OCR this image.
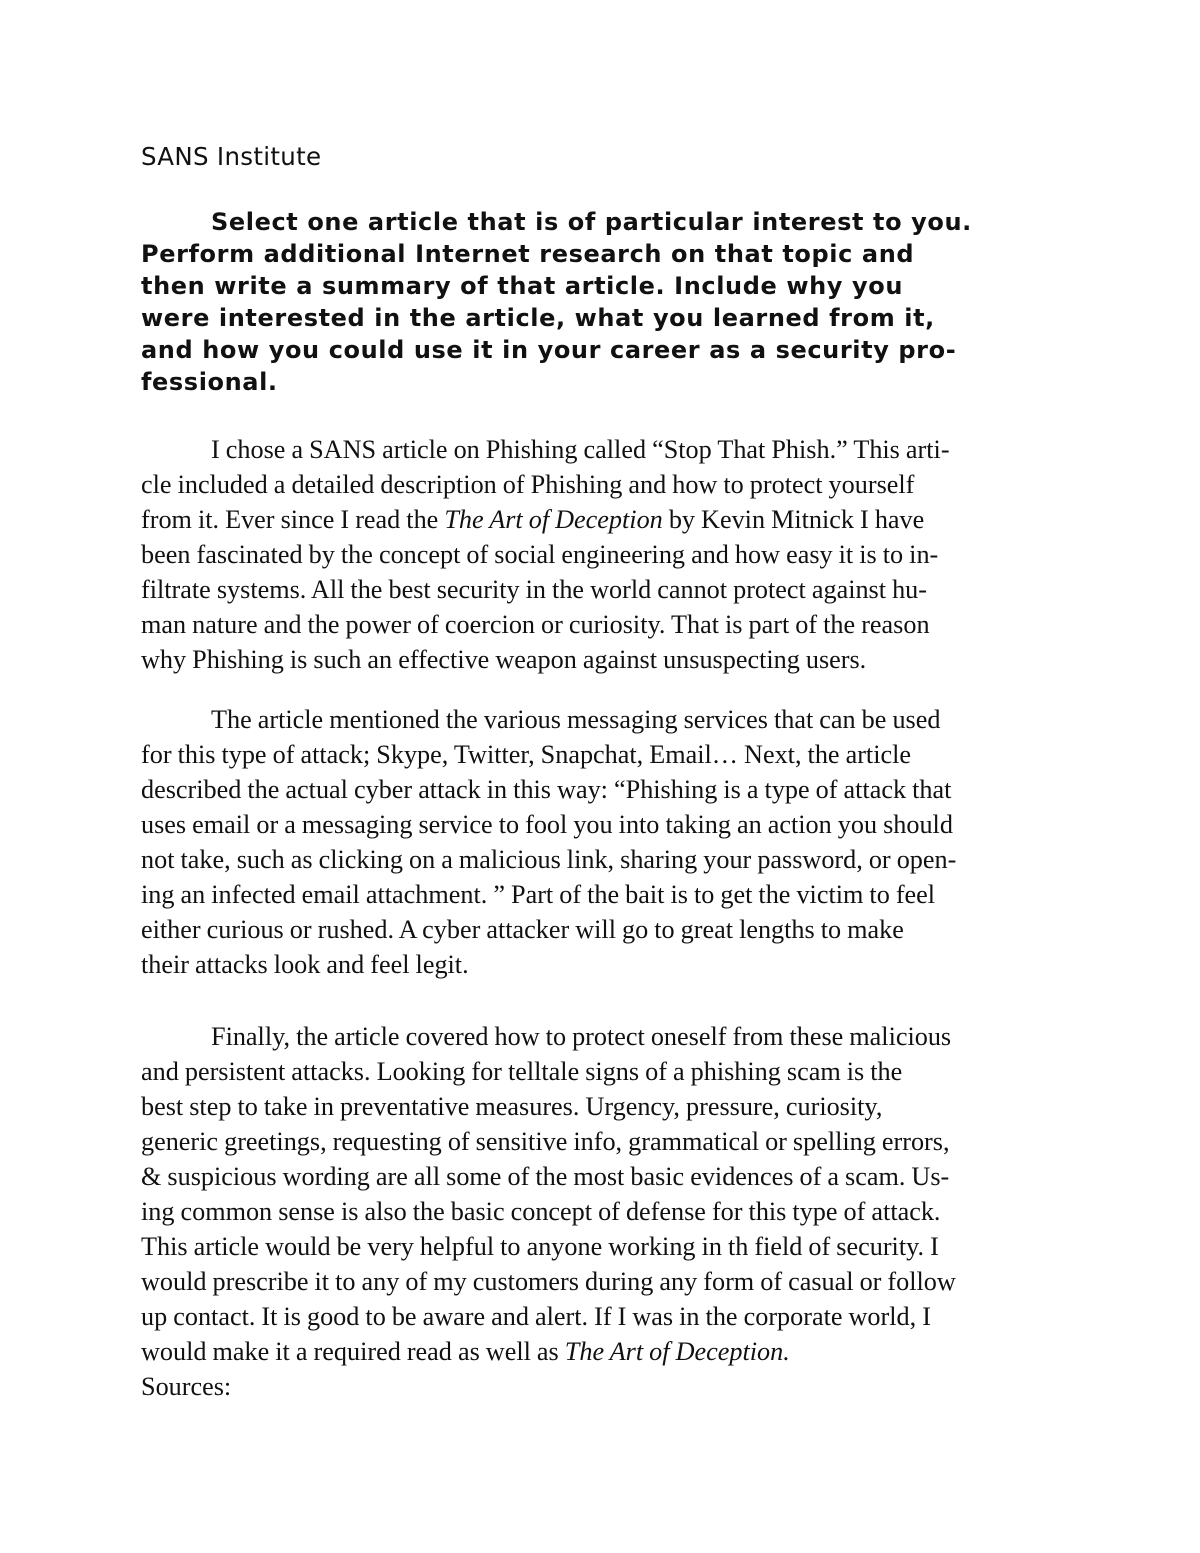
SANS Institute

Select one article that is of particular interest to you.

Perform additional Internet research on that topic and

then write a summary of that article. Include why you

were interested in the article, what you learned from it,

and how you could use it in your career as a security pro-

fessional.

I chose a SANS article on Phishing called “Stop That Phish.” This arti-

cle included a detailed description of Phishing and how to protect yourself

from it. Ever since I read the The Art of Deception by Kevin Mitnick I have

been fascinated by the concept of social engineering and how easy it is to in-

filtrate systems. All the best security in the world cannot protect against hu-

man nature and the power of coercion or curiosity. That is part of the reason

why Phishing is such an effective weapon against unsuspecting users.

The article mentioned the various messaging services that can be used

for this type of attack; Skype, Twitter, Snapchat, Email… Next, the article

described the actual cyber attack in this way: “Phishing is a type of attack that

uses email or a messaging service to fool you into taking an action you should

not take, such as clicking on a malicious link, sharing your password, or open-

ing an infected email attachment. ” Part of the bait is to get the victim to feel

either curious or rushed. A cyber attacker will go to great lengths to make

their attacks look and feel legit.

Finally, the article covered how to protect oneself from these malicious

and persistent attacks. Looking for telltale signs of a phishing scam is the

best step to take in preventative measures. Urgency, pressure, curiosity,

generic greetings, requesting of sensitive info, grammatical or spelling errors,

& suspicious wording are all some of the most basic evidences of a scam. Us-

ing common sense is also the basic concept of defense for this type of attack.

This article would be very helpful to anyone working in th field of security. I

would prescribe it to any of my customers during any form of casual or follow

up contact. It is good to be aware and alert. If I was in the corporate world, I

would make it a required read as well as The Art of Deception.

Sources:
